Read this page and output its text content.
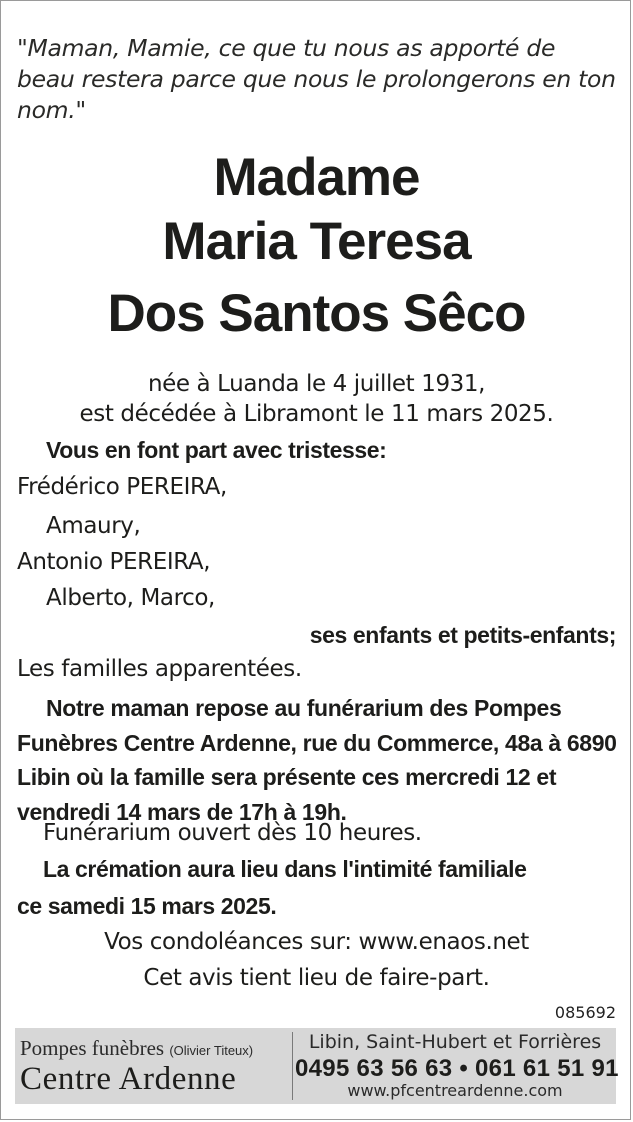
"Maman, Mamie, ce que tu nous as apporté de beau restera parce que nous le prolongerons en ton nom."
Madame
Maria Teresa
Dos Santos Sêco
née à Luanda le 4 juillet 1931,
est décédée à Libramont le 11 mars 2025.
Vous en font part avec tristesse:
Frédérico PEREIRA,
Amaury,
Antonio PEREIRA,
Alberto, Marco,
ses enfants et petits-enfants;
Les familles apparentées.
Notre maman repose au funérarium des Pompes Funèbres Centre Ardenne, rue du Commerce, 48a à 6890 Libin où la famille sera présente ces mercredi 12 et vendredi 14 mars de 17h à 19h.
Funérarium ouvert dès 10 heures.
La crémation aura lieu dans l'intimité familiale
ce samedi 15 mars 2025.
Vos condoléances sur: www.enaos.net
Cet avis tient lieu de faire-part.
085692
Pompes funèbres (Olivier Titeux)
Centre Ardenne
Libin, Saint-Hubert et Forrières
0495 63 56 63 • 061 61 51 91
www.pfcentreardenne.com
